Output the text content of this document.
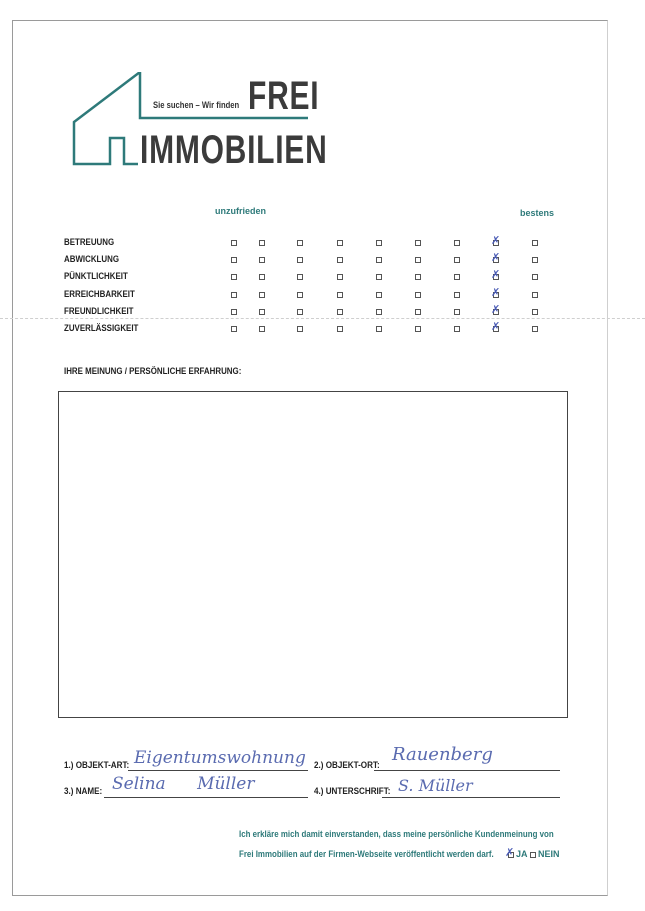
Sie suchen – Wir finden FREI
IMMOBILIEN
unzufrieden	bestens
BETREUUNG	✗
ABWICKLUNG	✗
PÜNKTLICHKEIT	✗
ERREICHBARKEIT	✗
FREUNDLICHKEIT	✗
ZUVERLÄSSIGKEIT	✗
IHRE MEINUNG / PERSÖNLICHE ERFAHRUNG:
1.) OBJEKT-ART: Eigentumswohnung 2.) OBJEKT-ORT: Rauenberg
3.) NAME: Selina Müller	4.) UNTERSCHRIFT: S. Müller
Ich erkläre mich damit einverstanden, dass meine persönliche Kundenmeinung von
Frei Immobilien auf der Firmen-Webseite veröffentlicht werden darf. ✗ JA NEIN
